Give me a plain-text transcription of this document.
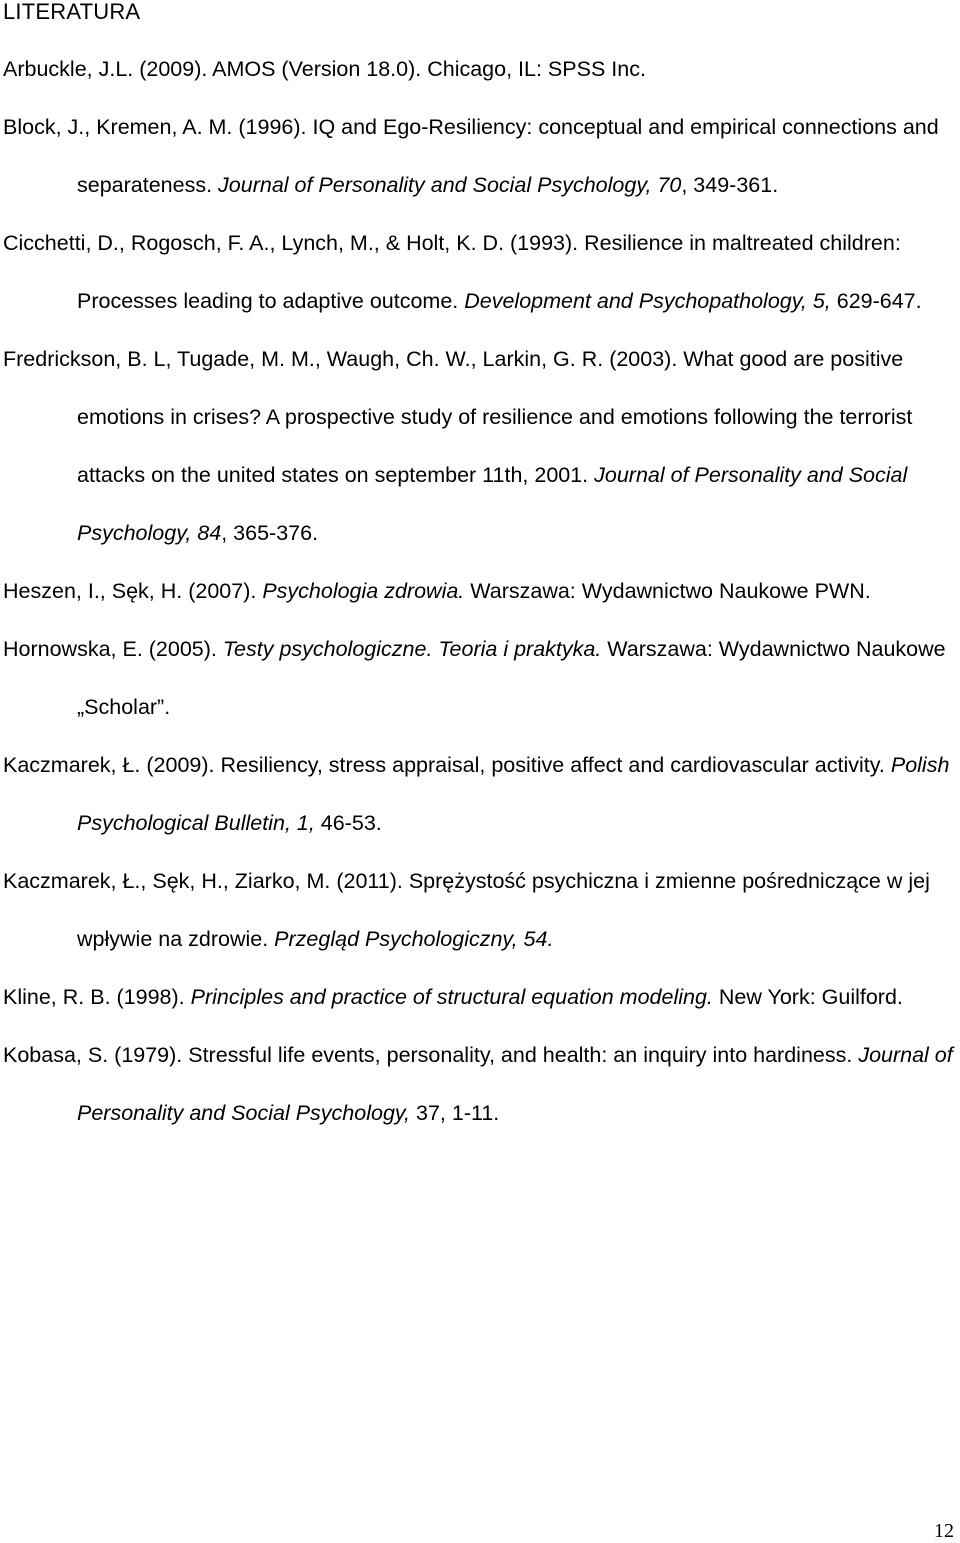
LITERATURA
Arbuckle, J.L. (2009). AMOS (Version 18.0). Chicago, IL: SPSS Inc.
Block, J., Kremen, A. M. (1996). IQ and Ego-Resiliency: conceptual and empirical connections and separateness. Journal of Personality and Social Psychology, 70, 349-361.
Cicchetti, D., Rogosch, F. A., Lynch, M., & Holt, K. D. (1993). Resilience in maltreated children: Processes leading to adaptive outcome. Development and Psychopathology, 5, 629-647.
Fredrickson, B. L, Tugade, M. M., Waugh, Ch. W., Larkin, G. R. (2003). What good are positive emotions in crises? A prospective study of resilience and emotions following the terrorist attacks on the united states on september 11th, 2001. Journal of Personality and Social Psychology, 84, 365-376.
Heszen, I., Sęk, H. (2007). Psychologia zdrowia. Warszawa: Wydawnictwo Naukowe PWN.
Hornowska, E. (2005). Testy psychologiczne. Teoria i praktyka. Warszawa: Wydawnictwo Naukowe „Scholar”.
Kaczmarek, Ł. (2009). Resiliency, stress appraisal, positive affect and cardiovascular activity. Polish Psychological Bulletin, 1, 46-53.
Kaczmarek, Ł., Sęk, H., Ziarko, M. (2011). Sprężystość psychiczna i zmienne pośredniczące w jej wpływie na zdrowie. Przegląd Psychologiczny, 54.
Kline, R. B. (1998). Principles and practice of structural equation modeling. New York: Guilford.
Kobasa, S. (1979). Stressful life events, personality, and health: an inquiry into hardiness. Journal of Personality and Social Psychology, 37, 1-11.
12
